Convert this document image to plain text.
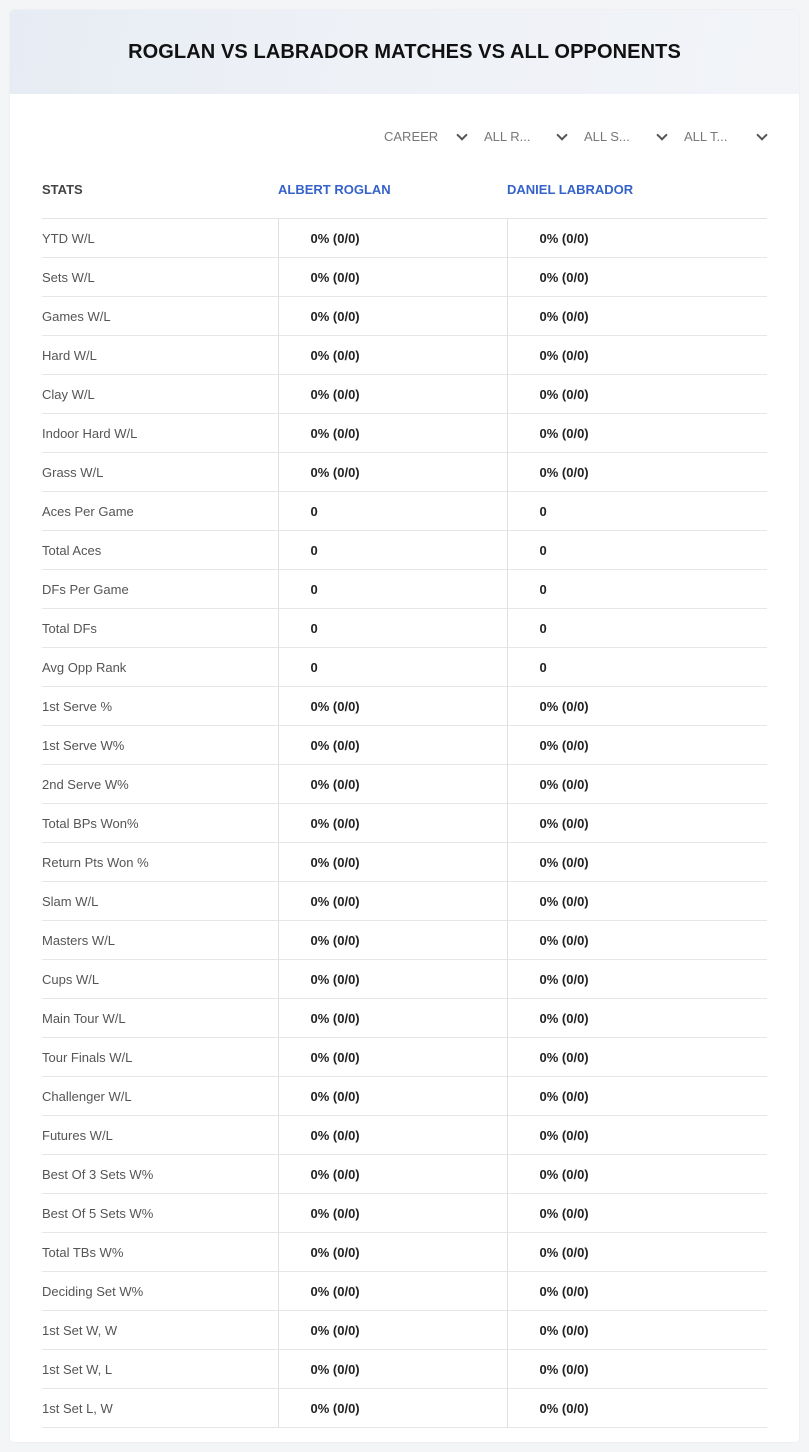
ROGLAN VS LABRADOR MATCHES VS ALL OPPONENTS
CAREER	ALL R...	ALL S...	ALL T...
STATS	ALBERT ROGLAN	DANIEL LABRADOR
YTD W/L	0% (0/0)	0% (0/0)
Sets W/L	0% (0/0)	0% (0/0)
Games W/L	0% (0/0)	0% (0/0)
Hard W/L	0% (0/0)	0% (0/0)
Clay W/L	0% (0/0)	0% (0/0)
Indoor Hard W/L	0% (0/0)	0% (0/0)
Grass W/L	0% (0/0)	0% (0/0)
Aces Per Game	0	0
Total Aces	0	0
DFs Per Game	0	0
Total DFs	0	0
Avg Opp Rank	0	0
1st Serve %	0% (0/0)	0% (0/0)
1st Serve W%	0% (0/0)	0% (0/0)
2nd Serve W%	0% (0/0)	0% (0/0)
Total BPs Won%	0% (0/0)	0% (0/0)
Return Pts Won %	0% (0/0)	0% (0/0)
Slam W/L	0% (0/0)	0% (0/0)
Masters W/L	0% (0/0)	0% (0/0)
Cups W/L	0% (0/0)	0% (0/0)
Main Tour W/L	0% (0/0)	0% (0/0)
Tour Finals W/L	0% (0/0)	0% (0/0)
Challenger W/L	0% (0/0)	0% (0/0)
Futures W/L	0% (0/0)	0% (0/0)
Best Of 3 Sets W%	0% (0/0)	0% (0/0)
Best Of 5 Sets W%	0% (0/0)	0% (0/0)
Total TBs W%	0% (0/0)	0% (0/0)
Deciding Set W%	0% (0/0)	0% (0/0)
1st Set W, W	0% (0/0)	0% (0/0)
1st Set W, L	0% (0/0)	0% (0/0)
1st Set L, W	0% (0/0)	0% (0/0)
